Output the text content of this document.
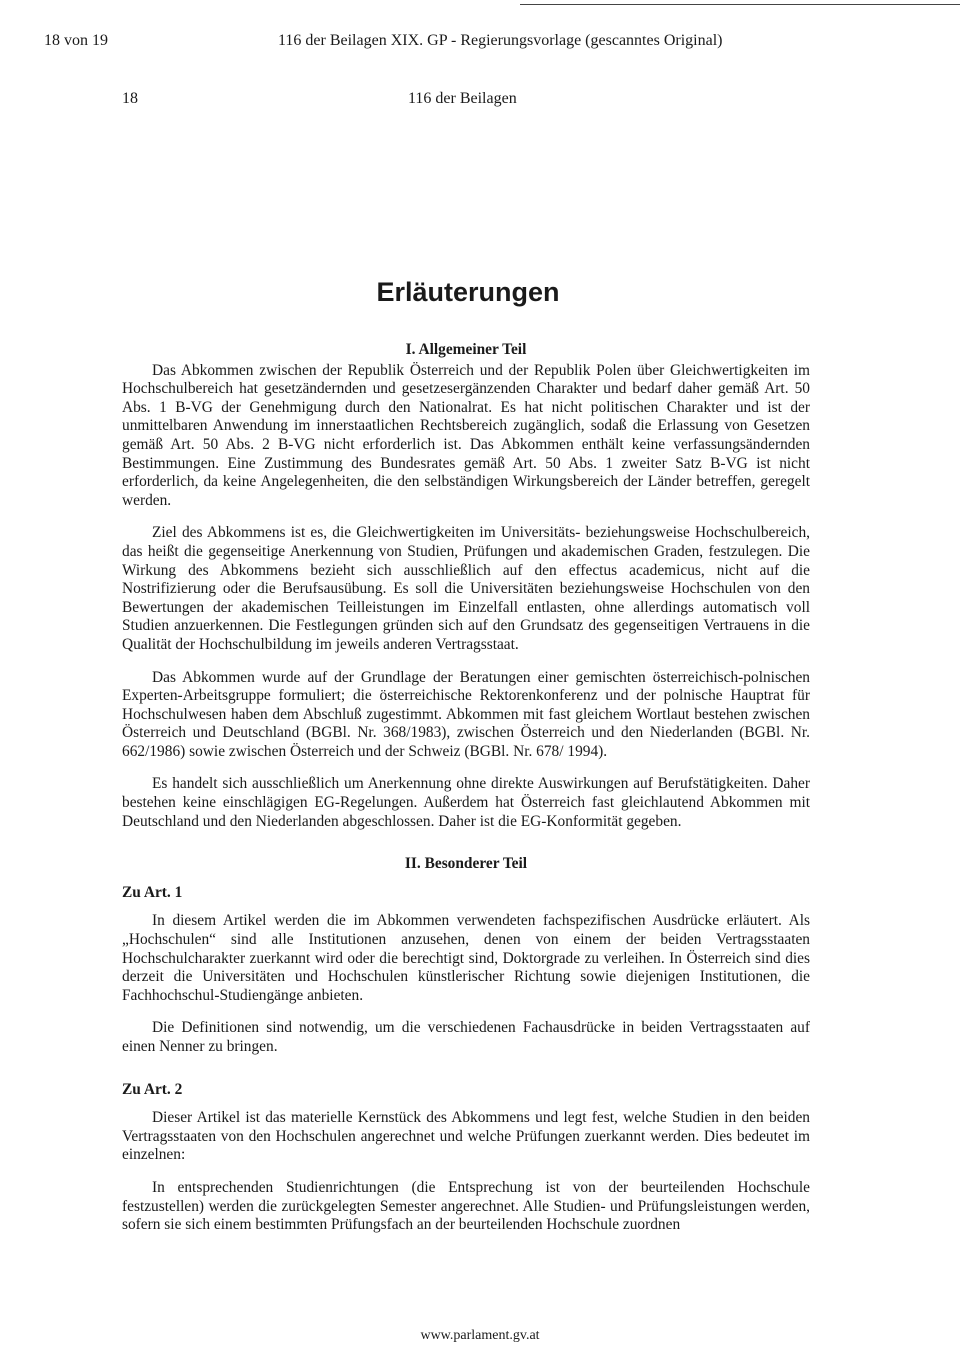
18 von 19	116 der Beilagen XIX. GP - Regierungsvorlage (gescanntes Original)
18	116 der Beilagen
Erläuterungen
I. Allgemeiner Teil

Das Abkommen zwischen der Republik Österreich und der Republik Polen über Gleichwertigkeiten im Hochschulbereich hat gesetzändernden und gesetzesergänzenden Charakter und bedarf daher gemäß Art. 50 Abs. 1 B-VG der Genehmigung durch den Nationalrat. Es hat nicht politischen Charakter und ist der unmittelbaren Anwendung im innerstaatlichen Rechtsbereich zugänglich, sodaß die Erlassung von Gesetzen gemäß Art. 50 Abs. 2 B-VG nicht erforderlich ist. Das Abkommen enthält keine verfassungsändernden Bestimmungen. Eine Zustimmung des Bundesrates gemäß Art. 50 Abs. 1 zweiter Satz B-VG ist nicht erforderlich, da keine Angelegenheiten, die den selbständigen Wirkungsbereich der Länder betreffen, geregelt werden.

Ziel des Abkommens ist es, die Gleichwertigkeiten im Universitäts- beziehungsweise Hochschulbereich, das heißt die gegenseitige Anerkennung von Studien, Prüfungen und akademischen Graden, festzulegen. Die Wirkung des Abkommens bezieht sich ausschließlich auf den effectus academicus, nicht auf die Nostrifizierung oder die Berufsausübung. Es soll die Universitäten beziehungsweise Hochschulen von den Bewertungen der akademischen Teilleistungen im Einzelfall entlasten, ohne allerdings automatisch voll Studien anzuerkennen. Die Festlegungen gründen sich auf den Grundsatz des gegenseitigen Vertrauens in die Qualität der Hochschulbildung im jeweils anderen Vertragsstaat.

Das Abkommen wurde auf der Grundlage der Beratungen einer gemischten österreichisch-polnischen Experten-Arbeitsgruppe formuliert; die österreichische Rektorenkonferenz und der polnische Hauptrat für Hochschulwesen haben dem Abschluß zugestimmt. Abkommen mit fast gleichem Wortlaut bestehen zwischen Österreich und Deutschland (BGBl. Nr. 368/1983), zwischen Österreich und den Niederlanden (BGBl. Nr. 662/1986) sowie zwischen Österreich und der Schweiz (BGBl. Nr. 678/ 1994).

Es handelt sich ausschließlich um Anerkennung ohne direkte Auswirkungen auf Berufstätigkeiten. Daher bestehen keine einschlägigen EG-Regelungen. Außerdem hat Österreich fast gleichlautend Abkommen mit Deutschland und den Niederlanden abgeschlossen. Daher ist die EG-Konformität gegeben.

II. Besonderer Teil
Zu Art. 1

In diesem Artikel werden die im Abkommen verwendeten fachspezifischen Ausdrücke erläutert. Als „Hochschulen“ sind alle Institutionen anzusehen, denen von einem der beiden Vertragsstaaten Hochschulcharakter zuerkannt wird oder die berechtigt sind, Doktorgrade zu verleihen. In Österreich sind dies derzeit die Universitäten und Hochschulen künstlerischer Richtung sowie diejenigen Institutionen, die Fachhochschul-Studiengänge anbieten.

Die Definitionen sind notwendig, um die verschiedenen Fachausdrücke in beiden Vertragsstaaten auf einen Nenner zu bringen.

Zu Art. 2

Dieser Artikel ist das materielle Kernstück des Abkommens und legt fest, welche Studien in den beiden Vertragsstaaten von den Hochschulen angerechnet und welche Prüfungen zuerkannt werden. Dies bedeutet im einzelnen:

In entsprechenden Studienrichtungen (die Entsprechung ist von der beurteilenden Hochschule festzustellen) werden die zurückgelegten Semester angerechnet. Alle Studien- und Prüfungsleistungen werden, sofern sie sich einem bestimmten Prüfungsfach an der beurteilenden Hochschule zuordnen

www.parlament.gv.at
